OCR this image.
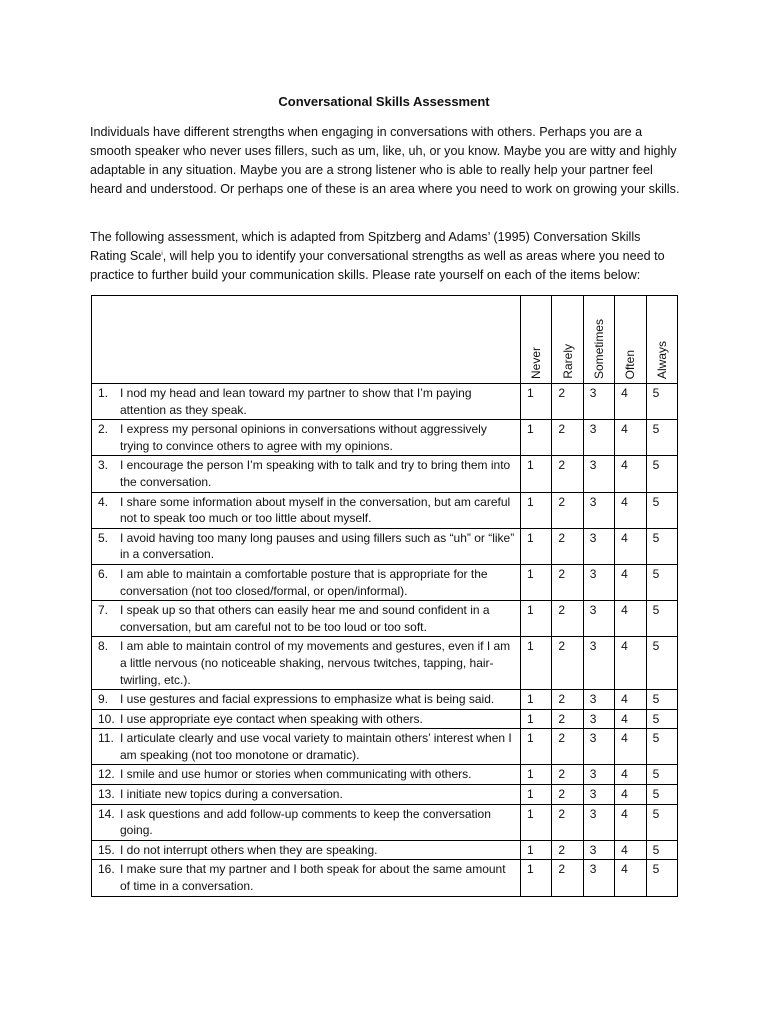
Conversational Skills Assessment
Individuals have different strengths when engaging in conversations with others. Perhaps you are a smooth speaker who never uses fillers, such as um, like, uh, or you know. Maybe you are witty and highly adaptable in any situation. Maybe you are a strong listener who is able to really help your partner feel heard and understood. Or perhaps one of these is an area where you need to work on growing your skills.
The following assessment, which is adapted from Spitzberg and Adams’ (1995) Conversation Skills Rating Scale$^i$, will help you to identify your conversational strengths as well as areas where you need to practice to further build your communication skills. Please rate yourself on each of the items below:

	Never	Rarely	Sometimes	Often	Always

1. I nod my head and lean toward my partner to show that I’m paying attention as they speak.	1	2	3	4	5

2. I express my personal opinions in conversations without aggressively trying to convince others to agree with my opinions.	1	2	3	4	5

3. I encourage the person I’m speaking with to talk and try to bring them into the conversation.	1	2	3	4	5

4. I share some information about myself in the conversation, but am careful not to speak too much or too little about myself.	1	2	3	4	5

5. I avoid having too many long pauses and using fillers such as “uh” or “like” in a conversation.	1	2	3	4	5

6. I am able to maintain a comfortable posture that is appropriate for the conversation (not too closed/formal, or open/informal).	1	2	3	4	5

7. I speak up so that others can easily hear me and sound confident in a conversation, but am careful not to be too loud or too soft.	1	2	3	4	5

8. I am able to maintain control of my movements and gestures, even if I am a little nervous (no noticeable shaking, nervous twitches, tapping, hair-twirling, etc.).	1	2	3	4	5

9. I use gestures and facial expressions to emphasize what is being said.	1	2	3	4	5

10. I use appropriate eye contact when speaking with others.	1	2	3	4	5

11. I articulate clearly and use vocal variety to maintain others’ interest when I am speaking (not too monotone or dramatic).	1	2	3	4	5

12. I smile and use humor or stories when communicating with others.	1	2	3	4	5

13. I initiate new topics during a conversation.	1	2	3	4	5

14. I ask questions and add follow-up comments to keep the conversation going.	1	2	3	4	5

15. I do not interrupt others when they are speaking.	1	2	3	4	5

16. I make sure that my partner and I both speak for about the same amount of time in a conversation.	1	2	3	4	5
